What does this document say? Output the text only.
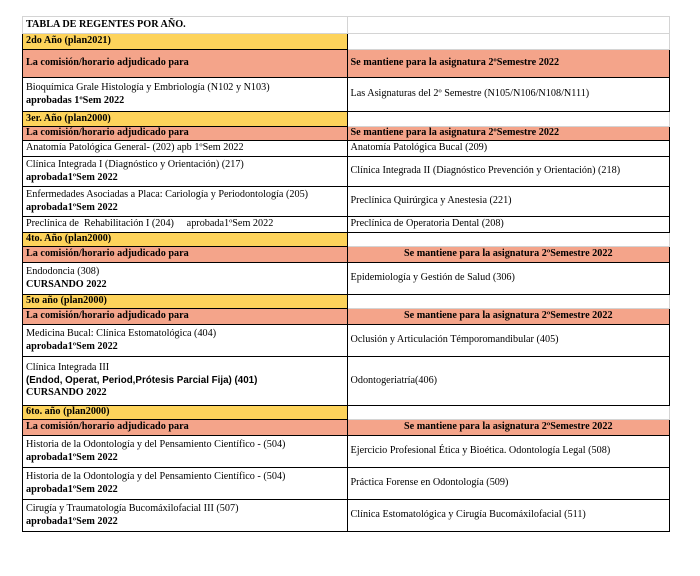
TABLA DE REGENTES POR AÑO.	
2do Año (plan2021)	
La comisión/horario adjudicado para	Se mantiene para la asignatura 2ºSemestre 2022

Bioquímica Grale Histología y Embriología (N102 y N103)
aprobadas 1ºSem 2022	Las Asignaturas del 2º Semestre (N105/N106/N108/N111)
3er. Año (plan2000)	
La comisión/horario adjudicado para	Se mantiene para la asignatura 2ºSemestre 2022

Anatomía Patológica General- (202) apb 1ºSem 2022	Anatomía Patológica Bucal (209)

Clínica Integrada I (Diagnóstico y Orientación) (217)
aprobada1ºSem 2022	Clínica Integrada II (Diagnóstico Prevención y Orientación) (218)

Enfermedades Asociadas a Placa: Cariología y Periodontología (205)
aprobada1ºSem 2022	Preclínica Quirúrgica y Anestesia (221)

Preclínica de  Rehabilitación I (204)     aprobada1ºSem 2022	Preclínica de Operatoria Dental (208)
4to. Año (plan2000)	
La comisión/horario adjudicado para	Se mantiene para la asignatura 2ºSemestre 2022

Endodoncia (308)
CURSANDO 2022	Epidemiología y Gestión de Salud (306)
5to año (plan2000)	
La comisión/horario adjudicado para	Se mantiene para la asignatura 2ºSemestre 2022

Medicina Bucal: Clínica Estomatológica (404)
aprobada1ºSem 2022	Oclusión y Articulación Témporomandibular (405)

Clínica Integrada III
(Endod, Operat, Period,Prótesis Parcial Fija) (401)
CURSANDO 2022	Odontogeriatría(406)
6to. año (plan2000)	
La comisión/horario adjudicado para	Se mantiene para la asignatura 2ºSemestre 2022

Historia de la Odontología y del Pensamiento Científico - (504)
aprobada1ºSem 2022	Ejercicio Profesional Ética y Bioética. Odontología Legal (508)

Historia de la Odontología y del Pensamiento Científico - (504)
aprobada1ºSem 2022	Práctica Forense en Odontología (509)

Cirugía y Traumatología Bucomáxilofacial III (507)
aprobada1ºSem 2022	Clínica Estomatológica y Cirugía Bucomáxilofacial (511)
